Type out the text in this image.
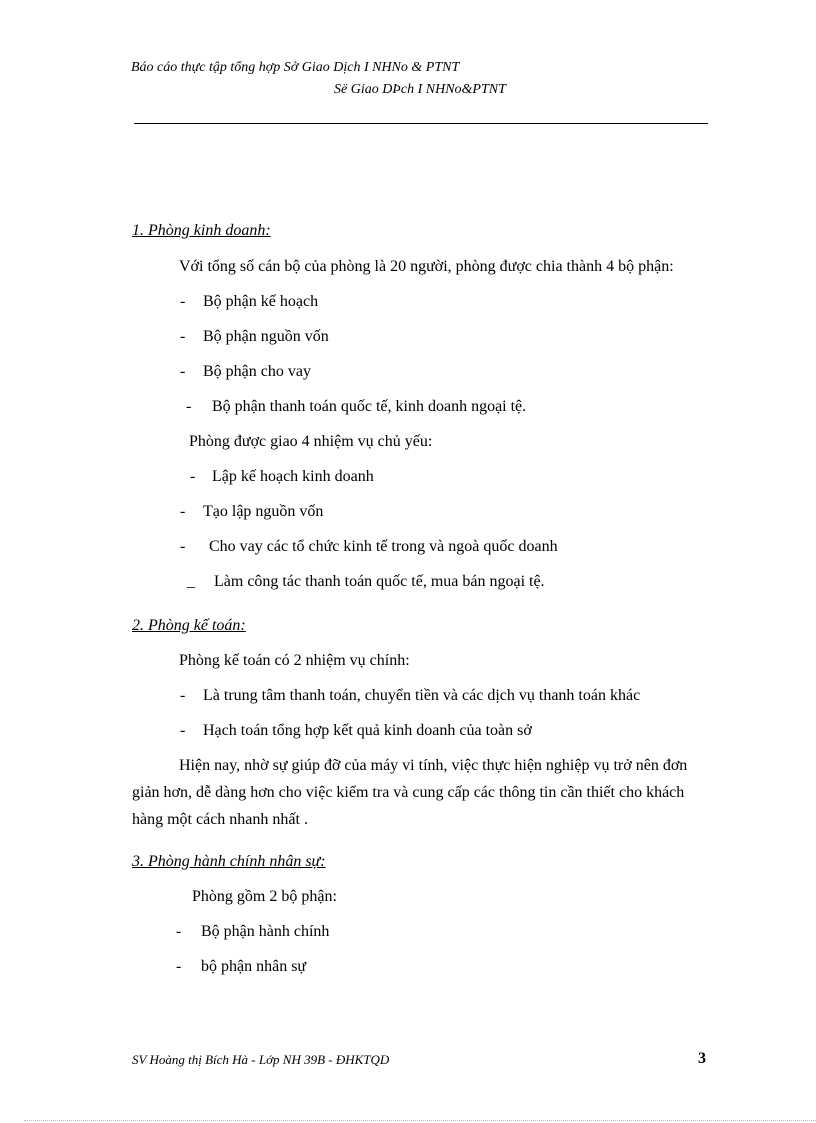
Báo cáo thực tập tổng hợp Sở Giao Dịch I NHNo & PTNT
Së Giao DÞch I NHNo&PTNT
1. Phòng kinh doanh:
Với tổng số cán bộ của phòng là 20 người, phòng được chia thành 4 bộ phận:
- Bộ phận kế hoạch
- Bộ phận nguồn vốn
- Bộ phận cho vay
- Bộ phận thanh toán quốc tế, kinh doanh ngoại tệ.
Phòng được giao 4 nhiệm vụ chủ yếu:
- Lập kế hoạch kinh doanh
- Tạo lập nguồn vốn
- Cho vay các tổ chức kinh tế trong và ngoà quốc doanh
_ Làm công tác thanh toán quốc tế, mua bán ngoại tệ.
2. Phòng kế toán:
Phòng kế toán có 2 nhiệm vụ chính:
- Là trung tâm thanh toán, chuyển tiền và các dịch vụ thanh toán khác
- Hạch toán tổng hợp kết quả kinh doanh của toàn sở
Hiện nay, nhờ sự giúp đỡ của máy vi tính, việc thực hiện nghiệp vụ trở nên đơn
giản hơn, dễ dàng hơn cho việc kiểm tra và cung cấp các thông tin cần thiết cho khách
hàng một cách nhanh nhất .
3. Phòng hành chính nhân sự:
Phòng gồm 2 bộ phận:
- Bộ phận hành chính
- bộ phận nhân sự
SV Hoàng thị Bích Hà - Lớp NH 39B - ĐHKTQD	3
